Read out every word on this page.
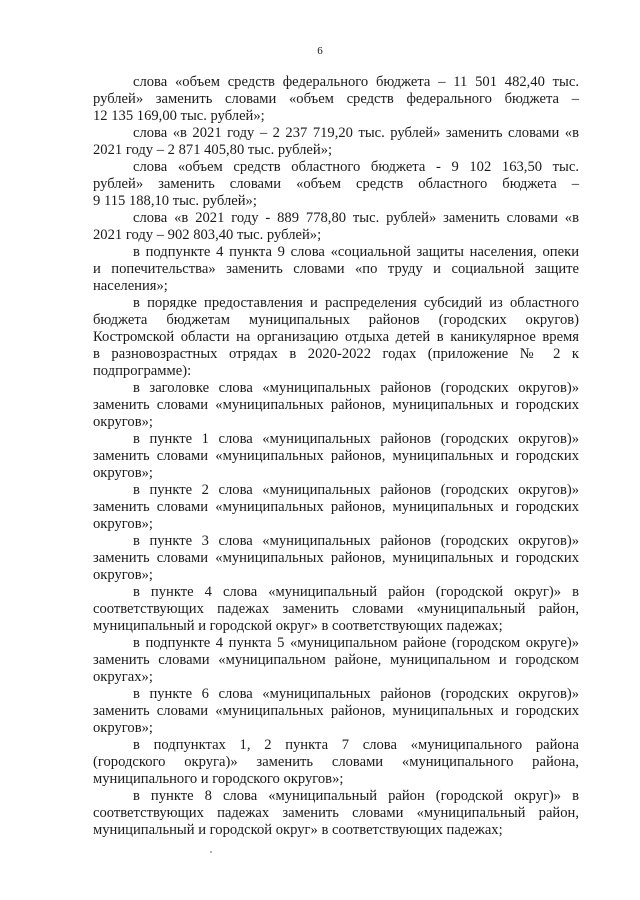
6
слова «объем средств федерального бюджета – 11 501 482,40 тыс.
рублей» заменить словами «объем средств федерального бюджета –
12 135 169,00 тыс. рублей»;
слова «в 2021 году – 2 237 719,20 тыс. рублей» заменить словами «в
2021 году – 2 871 405,80 тыс. рублей»;
слова «объем средств областного бюджета - 9 102 163,50 тыс.
рублей» заменить словами «объем средств областного бюджета –
9 115 188,10 тыс. рублей»;
слова «в 2021 году - 889 778,80 тыс. рублей» заменить словами «в
2021 году – 902 803,40 тыс. рублей»;
в подпункте 4 пункта 9 слова «социальной защиты населения, опеки
и попечительства» заменить словами «по труду и социальной защите
населения»;
в порядке предоставления и распределения субсидий из областного
бюджета бюджетам муниципальных районов (городских округов)
Костромской области на организацию отдыха детей в каникулярное время
в разновозрастных отрядах в 2020-2022 годах (приложение № 2 к
подпрограмме):
в заголовке слова «муниципальных районов (городских округов)»
заменить словами «муниципальных районов, муниципальных и городских
округов»;
в пункте 1 слова «муниципальных районов (городских округов)»
заменить словами «муниципальных районов, муниципальных и городских
округов»;
в пункте 2 слова «муниципальных районов (городских округов)»
заменить словами «муниципальных районов, муниципальных и городских
округов»;
в пункте 3 слова «муниципальных районов (городских округов)»
заменить словами «муниципальных районов, муниципальных и городских
округов»;
в пункте 4 слова «муниципальный район (городской округ)» в
соответствующих падежах заменить словами «муниципальный район,
муниципальный и городской округ» в соответствующих падежах;
в подпункте 4 пункта 5 «муниципальном районе (городском округе)»
заменить словами «муниципальном районе, муниципальном и городском
округах»;
в пункте 6 слова «муниципальных районов (городских округов)»
заменить словами «муниципальных районов, муниципальных и городских
округов»;
в подпунктах 1, 2 пункта 7 слова «муниципального района
(городского округа)» заменить словами «муниципального района,
муниципального и городского округов»;
в пункте 8 слова «муниципальный район (городской округ)» в
соответствующих падежах заменить словами «муниципальный район,
муниципальный и городской округ» в соответствующих падежах;
